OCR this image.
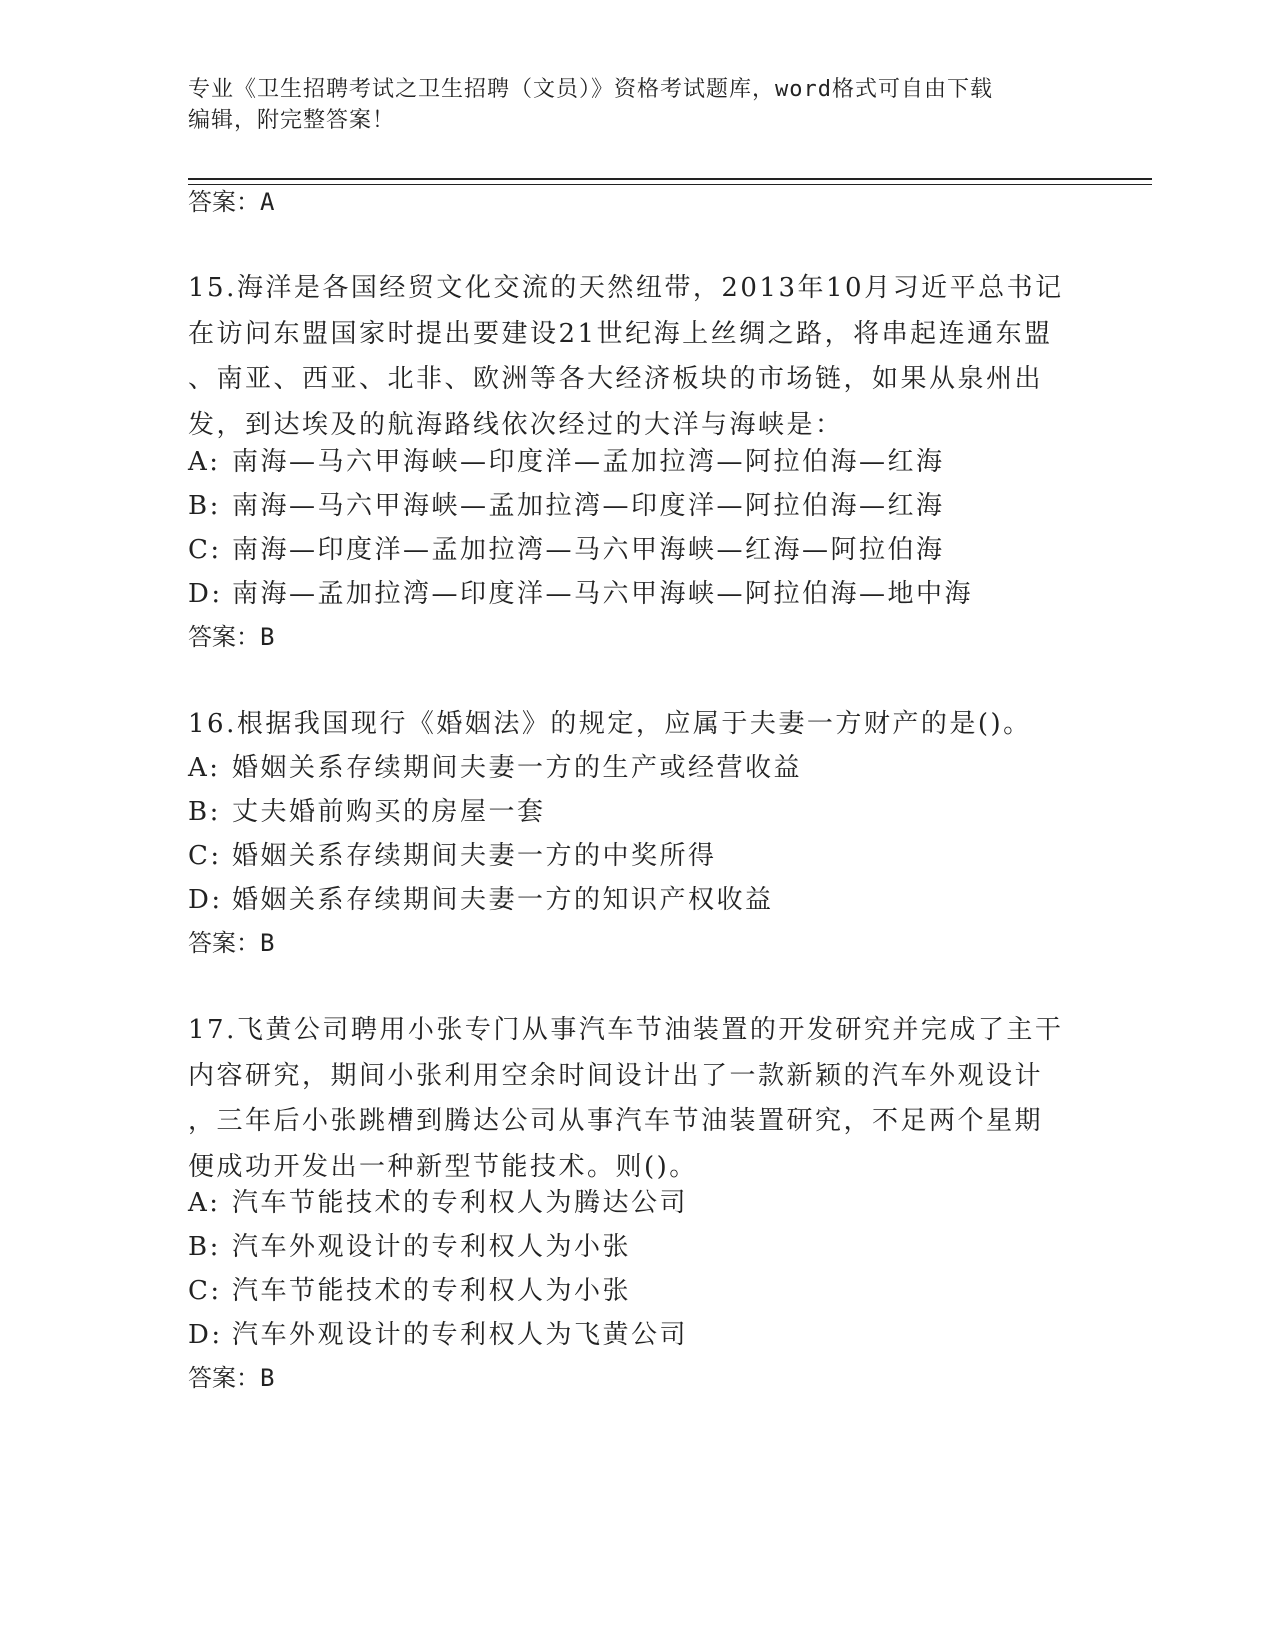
专业《卫生招聘考试之卫生招聘（文员）》资格考试题库，word格式可自由下载
编辑，附完整答案！
答案：A
15.海洋是各国经贸文化交流的天然纽带，2013年10月习近平总书记
在访问东盟国家时提出要建设21世纪海上丝绸之路，将串起连通东盟
、南亚、西亚、北非、欧洲等各大经济板块的市场链，如果从泉州出
发，到达埃及的航海路线依次经过的大洋与海峡是：
A: 南海—马六甲海峡—印度洋—孟加拉湾—阿拉伯海—红海
B: 南海—马六甲海峡—孟加拉湾—印度洋—阿拉伯海—红海
C: 南海—印度洋—孟加拉湾—马六甲海峡—红海—阿拉伯海
D: 南海—孟加拉湾—印度洋—马六甲海峡—阿拉伯海—地中海
答案：B
16.根据我国现行《婚姻法》的规定，应属于夫妻一方财产的是()。
A: 婚姻关系存续期间夫妻一方的生产或经营收益
B: 丈夫婚前购买的房屋一套
C: 婚姻关系存续期间夫妻一方的中奖所得
D: 婚姻关系存续期间夫妻一方的知识产权收益
答案：B
17.飞黄公司聘用小张专门从事汽车节油装置的开发研究并完成了主干
内容研究，期间小张利用空余时间设计出了一款新颖的汽车外观设计
，三年后小张跳槽到腾达公司从事汽车节油装置研究，不足两个星期
便成功开发出一种新型节能技术。则()。
A: 汽车节能技术的专利权人为腾达公司
B: 汽车外观设计的专利权人为小张
C: 汽车节能技术的专利权人为小张
D: 汽车外观设计的专利权人为飞黄公司
答案：B
